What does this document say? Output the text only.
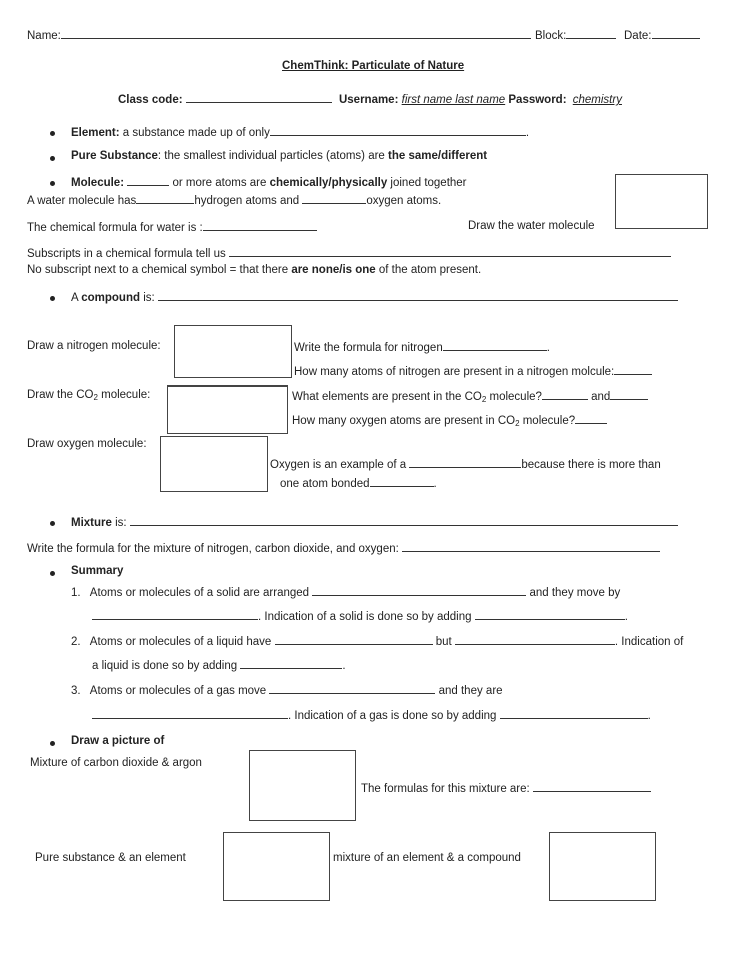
Name:	Block:	Date:
ChemThink: Particulate of Nature
Class code:	Username: first name last name Password: chemistry
Element: a substance made up of only	.
Pure Substance: the smallest individual particles (atoms) are the same/different
Molecule:	or more atoms are chemically/physically joined together
A water molecule has	hydrogen atoms and	oxygen atoms.
The chemical formula for water is :	Draw the water molecule
Subscripts in a chemical formula tell us
No subscript next to a chemical symbol = that there are none/is one of the atom present.
A compound is:
Draw a nitrogen molecule:	Write the formula for nitrogen	.
How many atoms of nitrogen are present in a nitrogen molcule:
Draw the $CO_2$ molecule:	What elements are present in the $CO_2$ molecule?	and
How many oxygen atoms are present in $CO_2$ molecule?
Draw oxygen molecule:
Oxygen is an example of a	because there is more than
one atom bonded	.
Mixture is:
Write the formula for the mixture of nitrogen, carbon dioxide, and oxygen:
Summary
1. Atoms or molecules of a solid are arranged	and they move by
. Indication of a solid is done so by adding	.
2. Atoms or molecules of a liquid have	but	. Indication of
a liquid is done so by adding	.
3. Atoms or molecules of a gas move	and they are
. Indication of a gas is done so by adding	.
Draw a picture of
Mixture of carbon dioxide & argon
The formulas for this mixture are:
Pure substance & an element	mixture of an element & a compound
